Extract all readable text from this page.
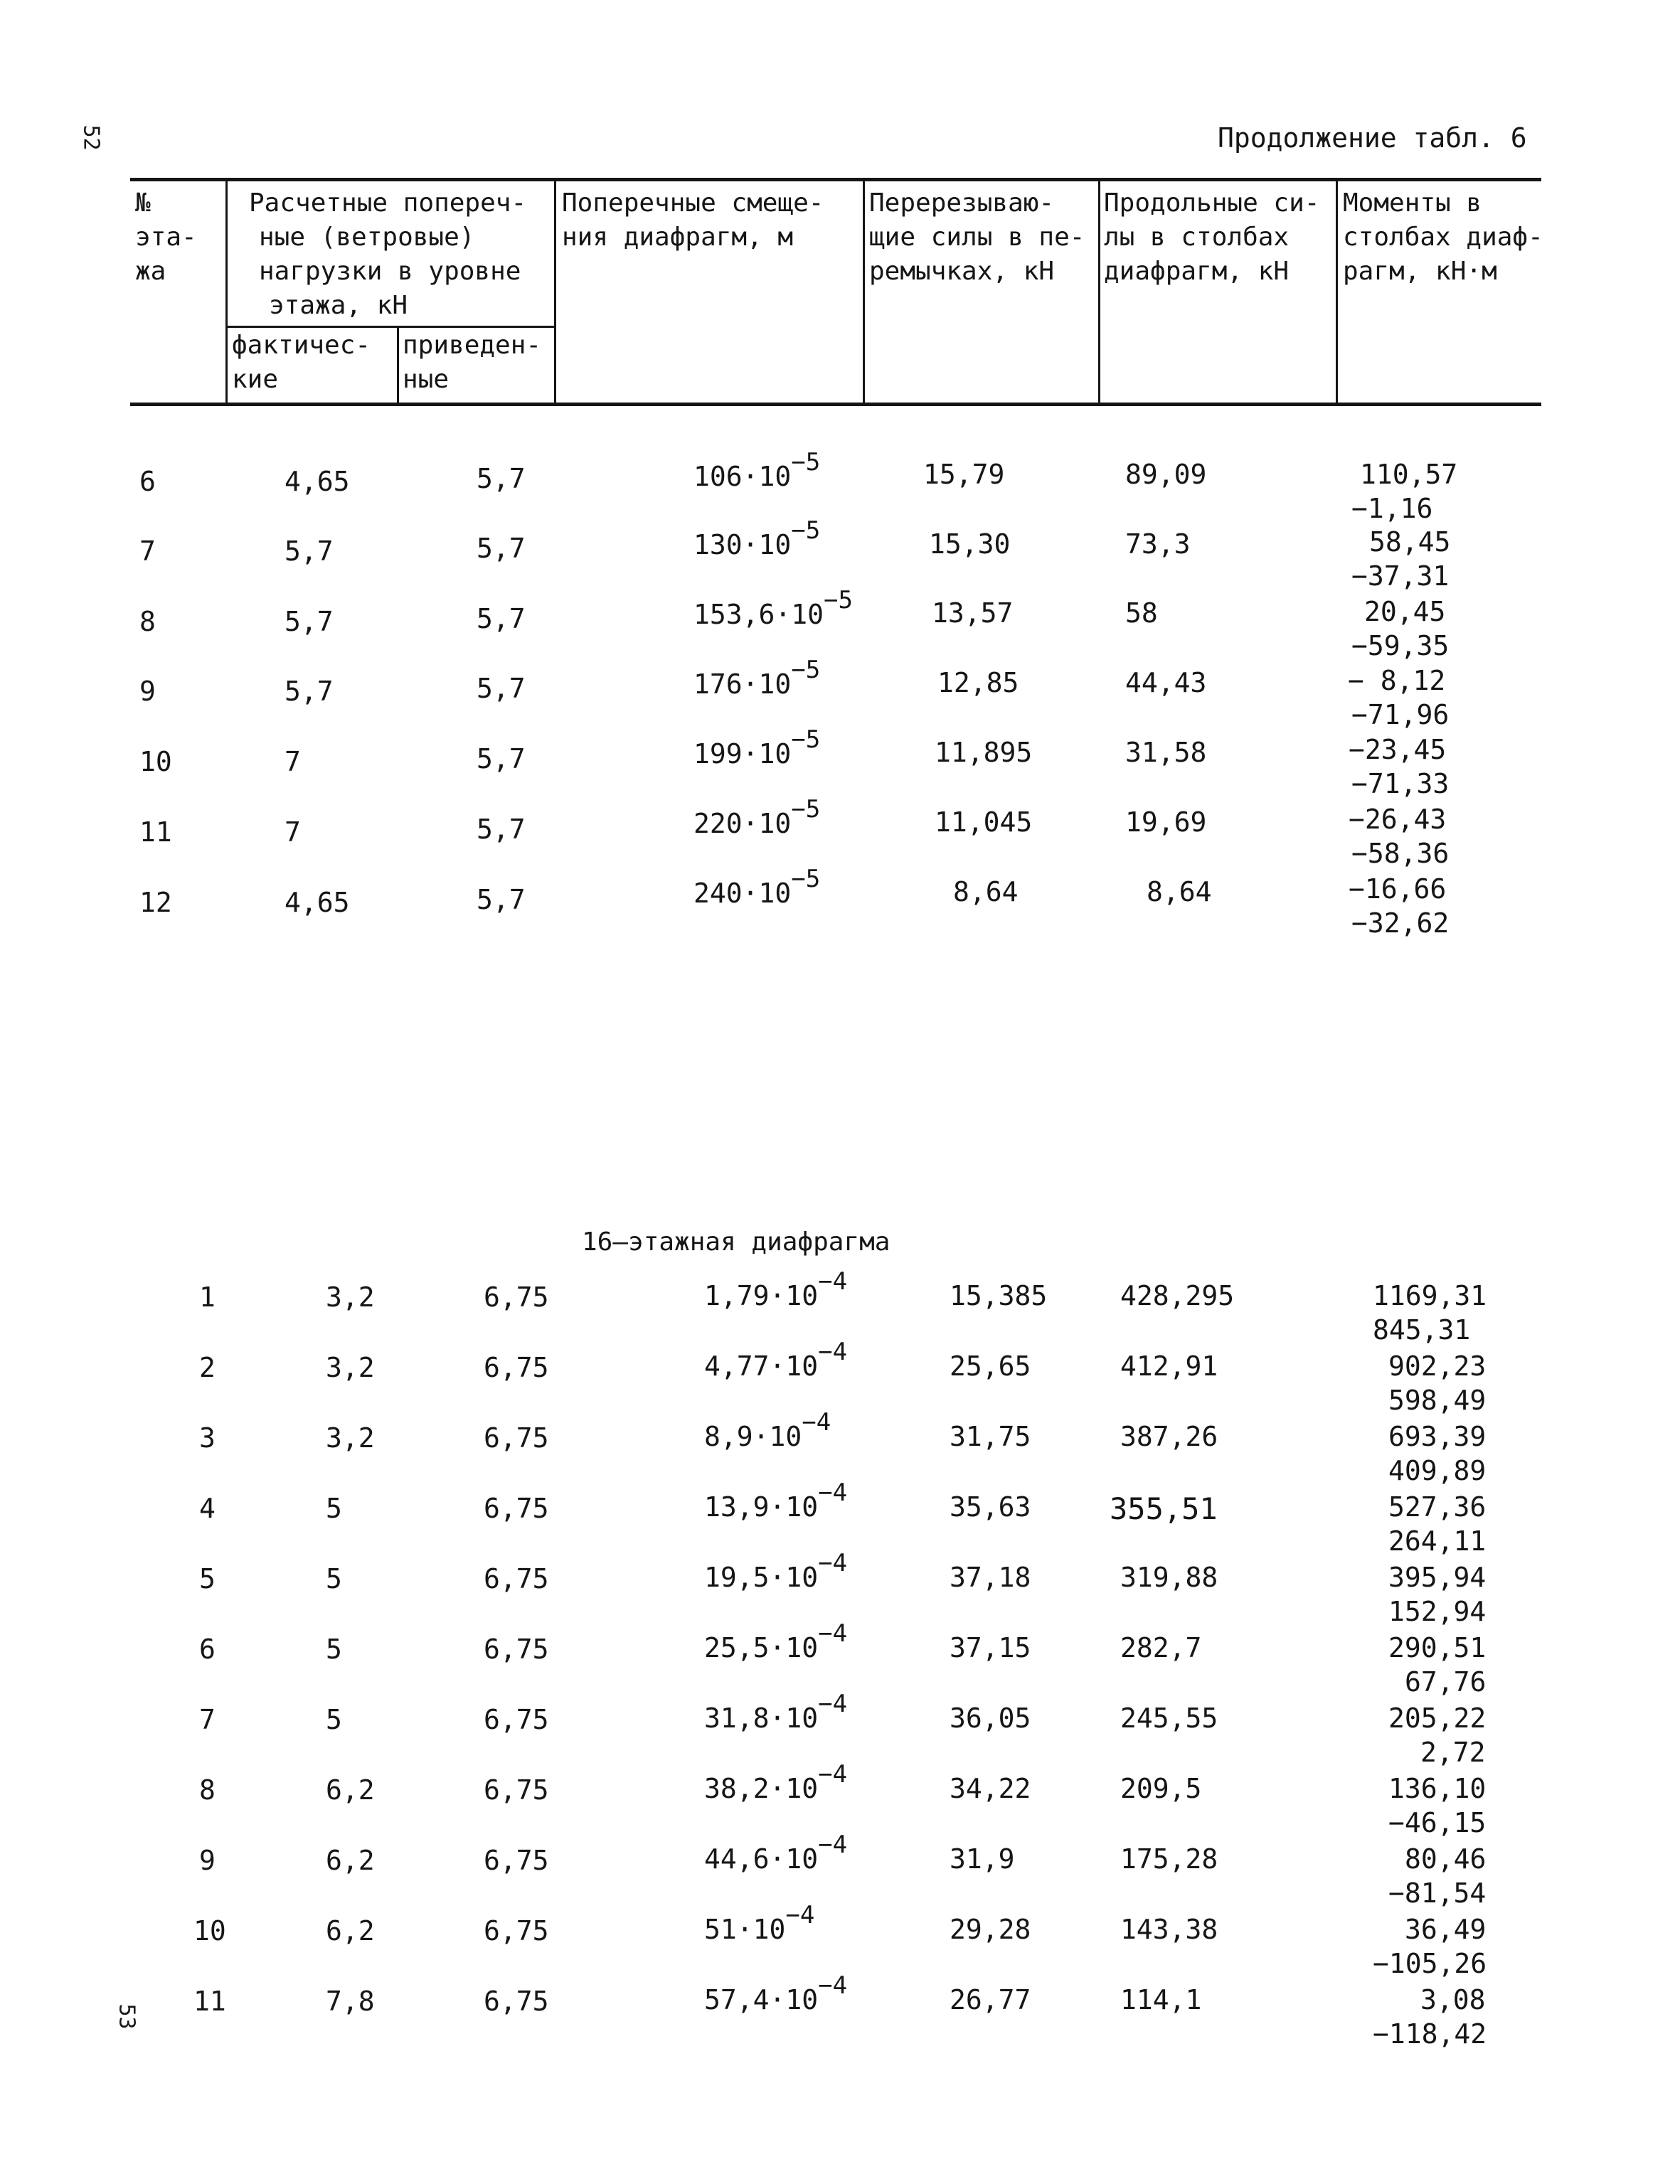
52
53
Продолжение табл. 6
№
эта-
жа
Расчетные попереч-
ные (ветровые)
нагрузки в уровне
этажа, кН
фактичес-
кие
приведен-
ные
Поперечные смеще-
ния диафрагм, м
Перерезываю-
щие силы в пе-
ремычках, кН
Продольные си-
лы в столбах
диафрагм, кН
Моменты в
столбах диаф-
рагм, кН·м
6	4,65	5,7	106·10−5	15,79	89,09	110,57
−1,16
7	5,7	5,7	130·10−5	15,30	73,3	58,45
−37,31
8	5,7	5,7	153,6·10−5	13,57	58	20,45
−59,35
9	5,7	5,7	176·10−5	12,85	44,43	− 8,12
−71,96
10	7	5,7	199·10−5	11,895	31,58	−23,45
−71,33
11	7	5,7	220·10−5	11,045	19,69	−26,43
−58,36
12	4,65	5,7	240·10−5	8,64	8,64	−16,66
−32,62
16–этажная диафрагма
1	3,2	6,75	1,79·10−4	15,385	428,295	1169,31
845,31
2	3,2	6,75	4,77·10−4	25,65	412,91	902,23
598,49
3	3,2	6,75	8,9·10−4	31,75	387,26	693,39
409,89
4	5	6,75	13,9·10−4	35,63	355,51	527,36
264,11
5	5	6,75	19,5·10−4	37,18	319,88	395,94
152,94
6	5	6,75	25,5·10−4	37,15	282,7	290,51
67,76
7	5	6,75	31,8·10−4	36,05	245,55	205,22
2,72
8	6,2	6,75	38,2·10−4	34,22	209,5	136,10
−46,15
9	6,2	6,75	44,6·10−4	31,9	175,28	80,46
−81,54
10	6,2	6,75	51·10−4	29,28	143,38	36,49
−105,26
11	7,8	6,75	57,4·10−4	26,77	114,1	3,08
−118,42
